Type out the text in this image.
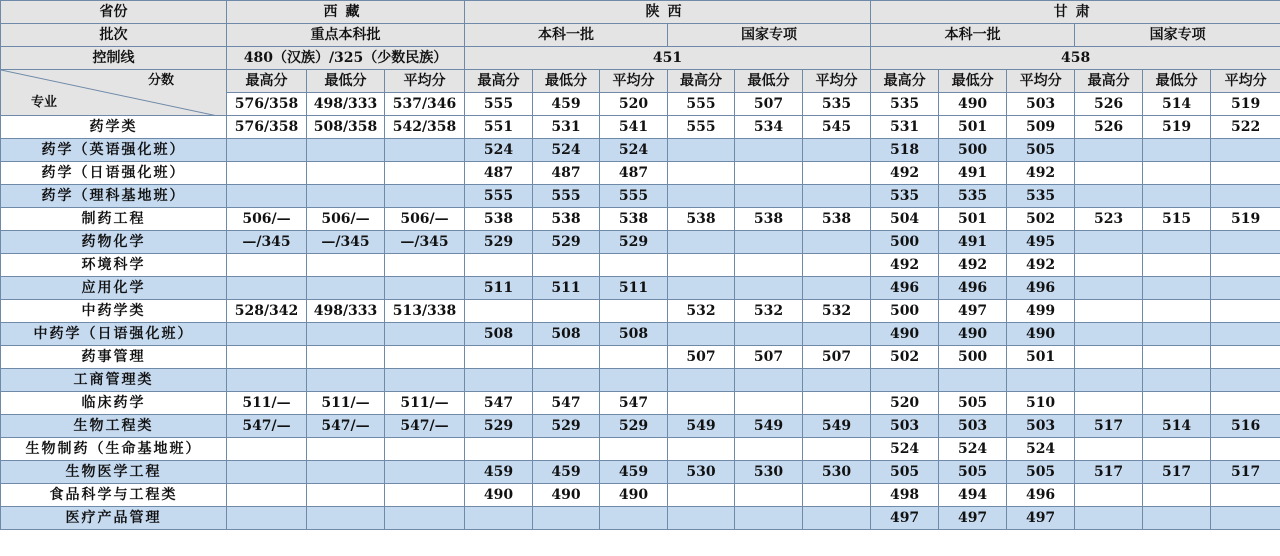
省份	西藏			陕西						甘肃					
批次	重点本科批			本科一批			国家专项			本科一批			国家专项		
控制线	480（汉族）/325（少数民族）			451						458					

分数
专业	最高分	最低分	平均分	最高分	最低分	平均分	最高分	最低分	平均分	最高分	最低分	平均分	最高分	最低分	平均分
	576/358	498/333	537/346	555	459	520	555	507	535	535	490	503	526	514	519
药学类	576/358	508/358	542/358	551	531	541	555	534	545	531	501	509	526	519	522
药学（英语强化班）				524	524	524				518	500	505			
药学（日语强化班）				487	487	487				492	491	492			
药学（理科基地班）				555	555	555				535	535	535			
制药工程	506/—	506/—	506/—	538	538	538	538	538	538	504	501	502	523	515	519
药物化学	—/345	—/345	—/345	529	529	529				500	491	495			
环境科学										492	492	492			
应用化学				511	511	511				496	496	496			
中药学类	528/342	498/333	513/338				532	532	532	500	497	499			
中药学（日语强化班）				508	508	508				490	490	490			
药事管理							507	507	507	502	500	501			
工商管理类															
临床药学	511/—	511/—	511/—	547	547	547				520	505	510			
生物工程类	547/—	547/—	547/—	529	529	529	549	549	549	503	503	503	517	514	516
生物制药（生命基地班）										524	524	524			
生物医学工程				459	459	459	530	530	530	505	505	505	517	517	517
食品科学与工程类				490	490	490				498	494	496			
医疗产品管理										497	497	497			
